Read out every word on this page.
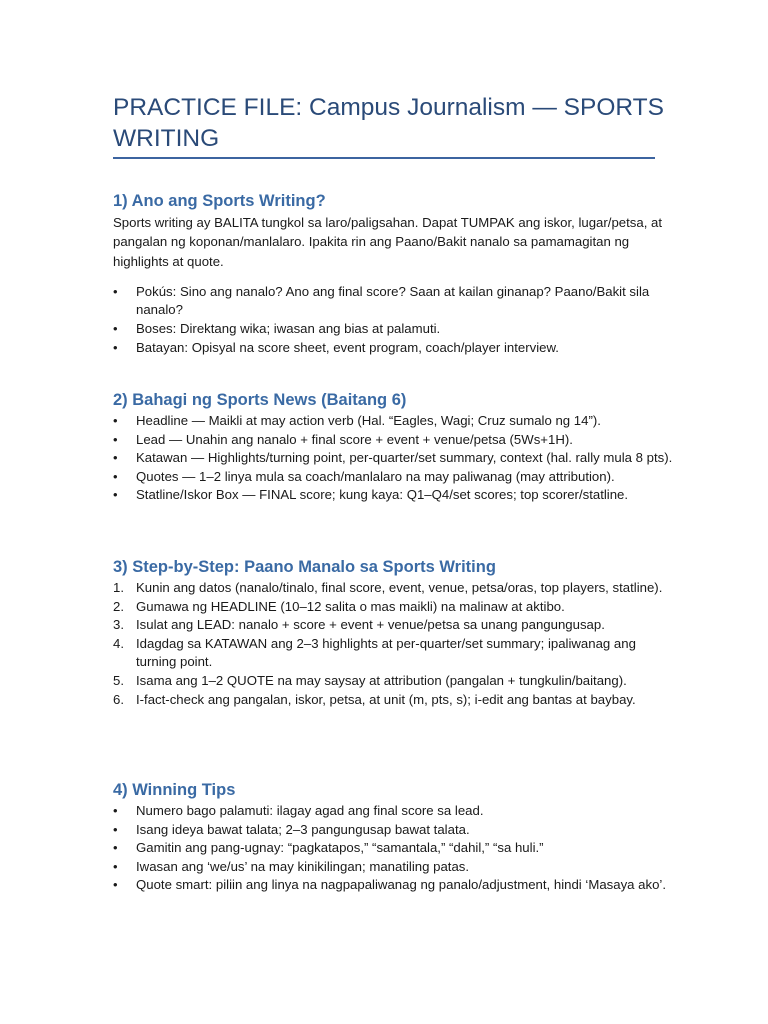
PRACTICE FILE: Campus Journalism — SPORTS WRITING
1) Ano ang Sports Writing?

Sports writing ay BALITA tungkol sa laro/paligsahan. Dapat TUMPAK ang iskor, lugar/petsa, at pangalan ng koponan/manlalaro. Ipakita rin ang Paano/Bakit nanalo sa pamamagitan ng highlights at quote.

• Pokús: Sino ang nanalo? Ano ang final score? Saan at kailan ginanap? Paano/Bakit sila nanalo?
• Boses: Direktang wika; iwasan ang bias at palamuti.
• Batayan: Opisyal na score sheet, event program, coach/player interview.
2) Bahagi ng Sports News (Baitang 6)
• Headline — Maikli at may action verb (Hal. “Eagles, Wagi; Cruz sumalo ng 14”).
• Lead — Unahin ang nanalo + final score + event + venue/petsa (5Ws+1H).
• Katawan — Highlights/turning point, per-quarter/set summary, context (hal. rally mula 8 pts).
• Quotes — 1–2 linya mula sa coach/manlalaro na may paliwanag (may attribution).
• Statline/Iskor Box — FINAL score; kung kaya: Q1–Q4/set scores; top scorer/statline.
3) Step-by-Step: Paano Manalo sa Sports Writing
1. Kunin ang datos (nanalo/tinalo, final score, event, venue, petsa/oras, top players, statline).
2. Gumawa ng HEADLINE (10–12 salita o mas maikli) na malinaw at aktibo.
3. Isulat ang LEAD: nanalo + score + event + venue/petsa sa unang pangungusap.
4. Idagdag sa KATAWAN ang 2–3 highlights at per-quarter/set summary; ipaliwanag ang turning point.
5. Isama ang 1–2 QUOTE na may saysay at attribution (pangalan + tungkulin/baitang).
6. I-fact-check ang pangalan, iskor, petsa, at unit (m, pts, s); i-edit ang bantas at baybay.
4) Winning Tips
• Numero bago palamuti: ilagay agad ang final score sa lead.
• Isang ideya bawat talata; 2–3 pangungusap bawat talata.
• Gamitin ang pang-ugnay: “pagkatapos,” “samantala,” “dahil,” “sa huli.”
• Iwasan ang ‘we/us’ na may kinikilingan; manatiling patas.
• Quote smart: piliin ang linya na nagpapaliwanag ng panalo/adjustment, hindi ‘Masaya ako’.
